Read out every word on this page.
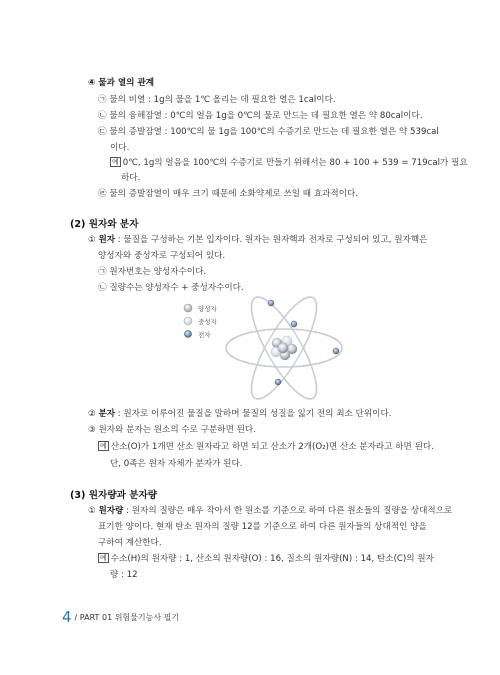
④ 물과 열의 관계
㉠ 물의 비열 : 1g의 물을 1℃ 올리는 데 필요한 열은 1cal이다.
㉡ 물의 융해잠열 : 0℃의 얼음 1g을 0℃의 물로 만드는 데 필요한 열은 약 80cal이다.
㉢ 물의 증발잠열 : 100℃의 물 1g을 100℃의 수증기로 만드는 데 필요한 열은 약 539cal
이다.
예 0℃, 1g의 얼음을 100℃의 수증기로 만들기 위해서는 80 + 100 + 539 = 719cal가 필요
하다.
㉣ 물의 증발잠열이 매우 크기 때문에 소화약제로 쓰일 때 효과적이다.
(2) 원자와 분자
① 원자 : 물질을 구성하는 기본 입자이다. 원자는 원자핵과 전자로 구성되어 있고, 원자핵은
양성자와 중성자로 구성되어 있다.
㉠ 원자번호는 양성자수이다.
㉡ 질량수는 양성자수 + 중성자수이다.
양성자
중성자
전자
② 분자 : 원자로 이루어진 물질을 말하며 물질의 성질을 잃기 전의 최소 단위이다.
③ 원자와 분자는 원소의 수로 구분하면 된다.
예 산소(O)가 1개면 산소 원자라고 하면 되고 산소가 2개(O₂)면 산소 분자라고 하면 된다.
단, 0족은 원자 자체가 분자가 된다.
(3) 원자량과 분자량
① 원자량 : 원자의 질량은 매우 작아서 한 원소를 기준으로 하여 다른 원소들의 질량을 상대적으로
표기한 양이다. 현재 탄소 원자의 질량 12를 기준으로 하여 다른 원자들의 상대적인 양을
구하여 계산한다.
예 수소(H)의 원자량 : 1, 산소의 원자량(O) : 16, 질소의 원자량(N) : 14, 탄소(C)의 원자
량 : 12
4 / PART 01 위험물기능사 필기
